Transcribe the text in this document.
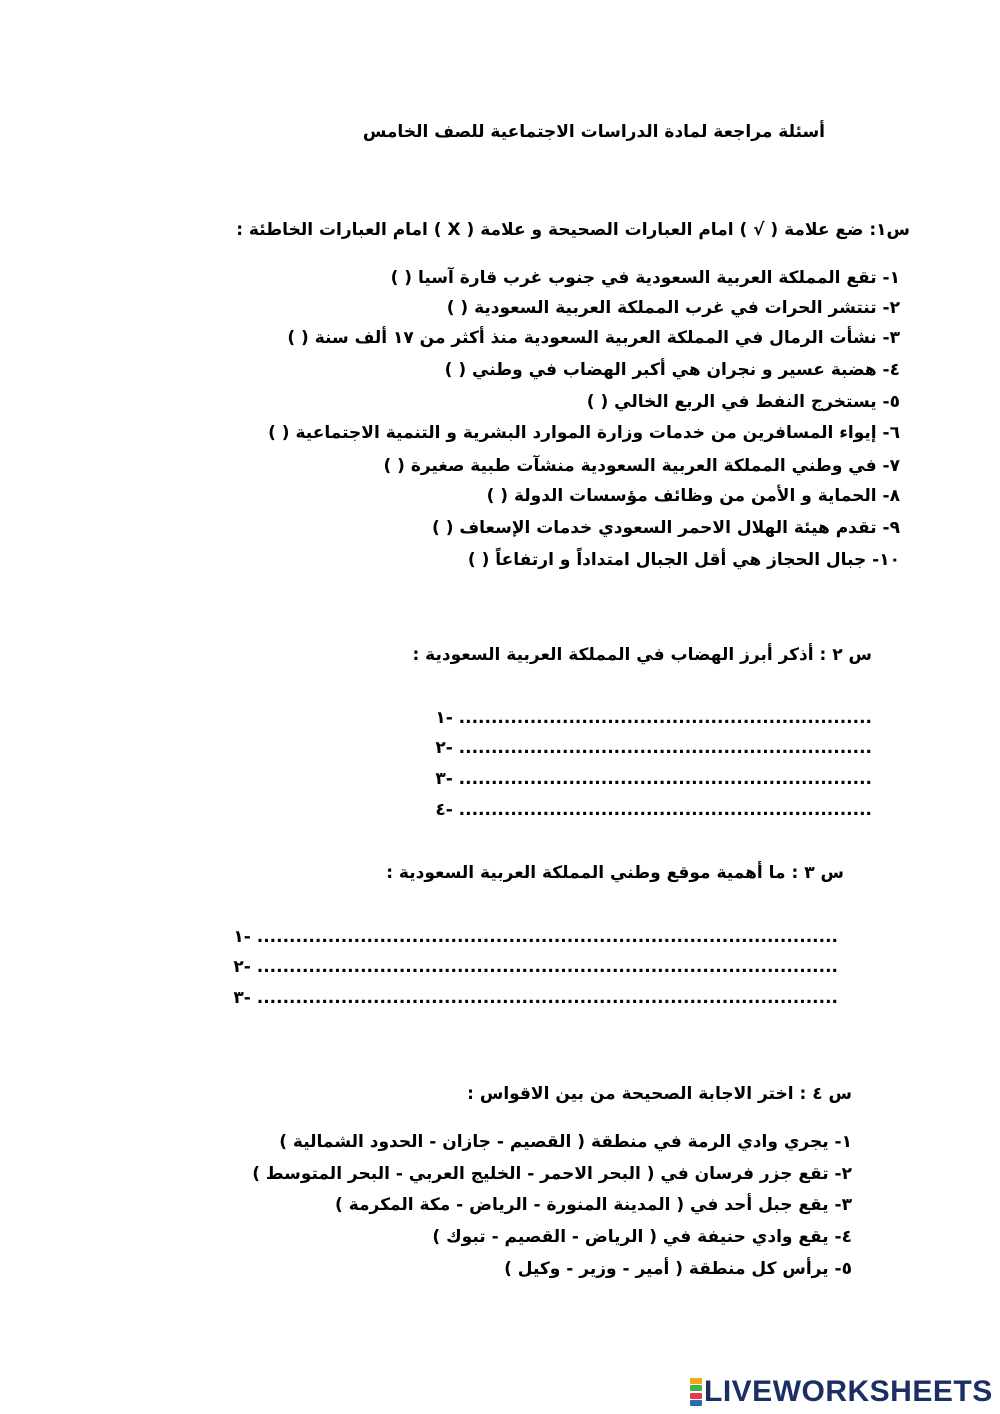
أسئلة مراجعة لمادة الدراسات الاجتماعية للصف الخامس
س١: ضع علامة ( √ ) امام العبارات الصحيحة و علامة ( X ) امام العبارات الخاطئة :
١- تقع المملكة العربية السعودية في جنوب غرب قارة آسيا ( )
٢- تنتشر الحرات في غرب المملكة العربية السعودية ( )
٣- نشأت الرمال في المملكة العربية السعودية منذ أكثر من ١٧ ألف سنة ( )
٤- هضبة عسير و نجران هي أكبر الهضاب في وطني ( )
٥- يستخرج النفط في الربع الخالي ( )
٦- إيواء المسافرين من خدمات وزارة الموارد البشرية و التنمية الاجتماعية ( )
٧- في وطني المملكة العربية السعودية منشآت طبية صغيرة ( )
٨- الحماية و الأمن من وظائف مؤسسات الدولة ( )
٩- تقدم هيئة الهلال الاحمر السعودي خدمات الإسعاف ( )
١٠- جبال الحجاز هي أقل الجبال امتداداً و ارتفاعاً ( )
س ٢ : أذكر أبرز الهضاب في المملكة العربية السعودية :
١- ................................................................
٢- ................................................................
٣- ................................................................
٤- ................................................................
س ٣ : ما أهمية موقع وطني المملكة العربية السعودية :
١- ..........................................................................................
٢- ..........................................................................................
٣- ..........................................................................................
س ٤ : اختر الاجابة الصحيحة من بين الاقواس :
١- يجري وادي الرمة في منطقة ( القصيم - جازان - الحدود الشمالية )
٢- تقع جزر فرسان في ( البحر الاحمر - الخليج العربي - البحر المتوسط )
٣- يقع جبل أحد في ( المدينة المنورة - الرياض - مكة المكرمة )
٤- يقع وادي حنيفة في ( الرياض - القصيم - تبوك )
٥- يرأس كل منطقة ( أمير - وزير - وكيل )
LIVEWORKSHEETS
